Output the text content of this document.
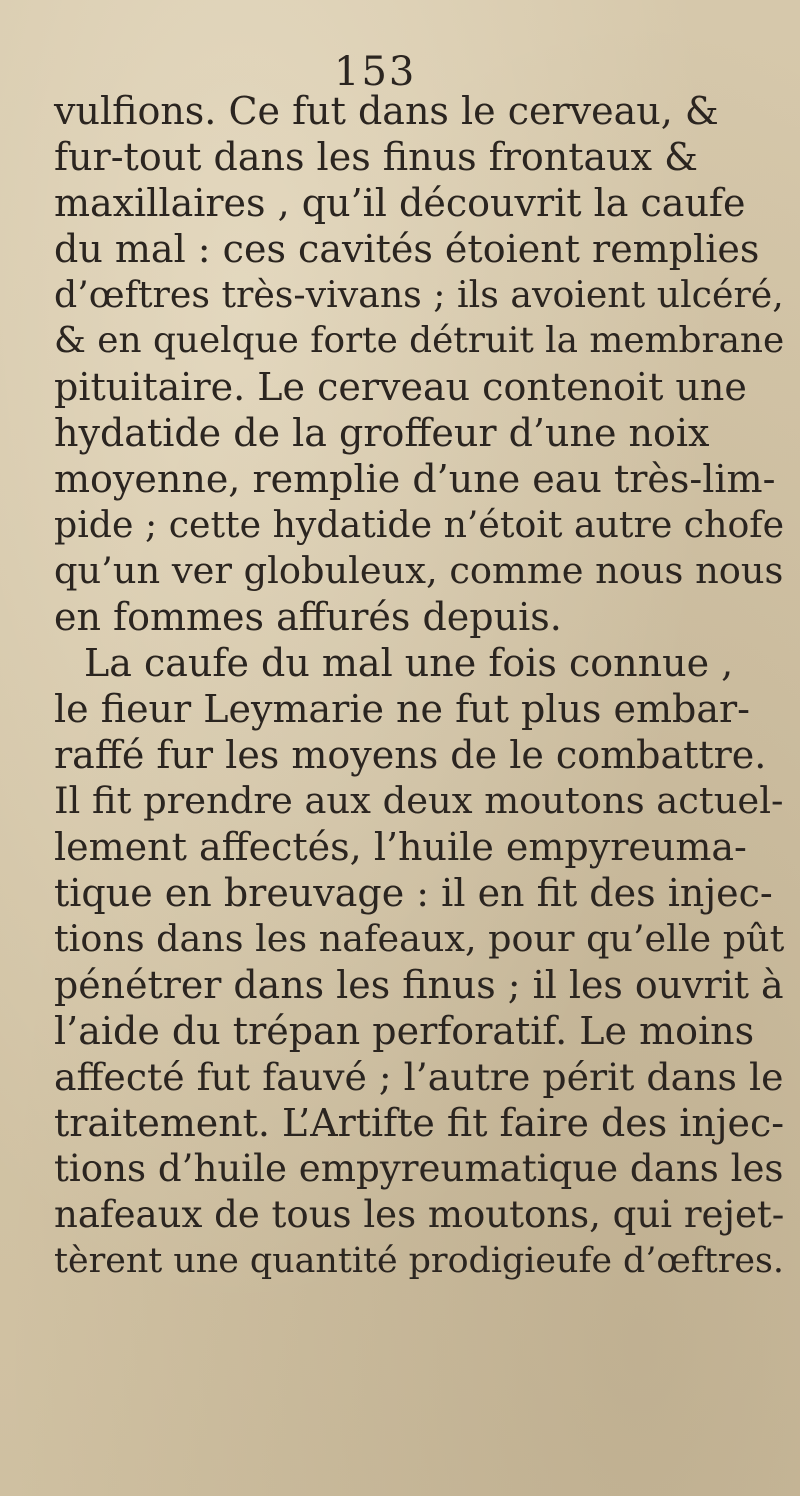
153
vulfions. Ce fut dans le cerveau, &
fur-tout dans les finus frontaux &
maxillaires , qu’il découvrit la caufe
du mal : ces cavités étoient remplies
d’œftres très-vivans ; ils avoient ulcéré,
& en quelque forte détruit la membrane
pituitaire. Le cerveau contenoit une
hydatide de la groffeur d’une noix
moyenne, remplie d’une eau très-lim-
pide ; cette hydatide n’étoit autre chofe
qu’un ver globuleux, comme nous nous
en fommes affurés depuis.
La caufe du mal une fois connue ,
le fieur Leymarie ne fut plus embar-
raffé fur les moyens de le combattre.
Il fit prendre aux deux moutons actuel-
lement affectés, l’huile empyreuma-
tique en breuvage : il en fit des injec-
tions dans les nafeaux, pour qu’elle pût
pénétrer dans les finus ; il les ouvrit à
l’aide du trépan perforatif. Le moins
affecté fut fauvé ; l’autre périt dans le
traitement. L’Artifte fit faire des injec-
tions d’huile empyreumatique dans les
nafeaux de tous les moutons, qui rejet-
tèrent une quantité prodigieufe d’œftres.
